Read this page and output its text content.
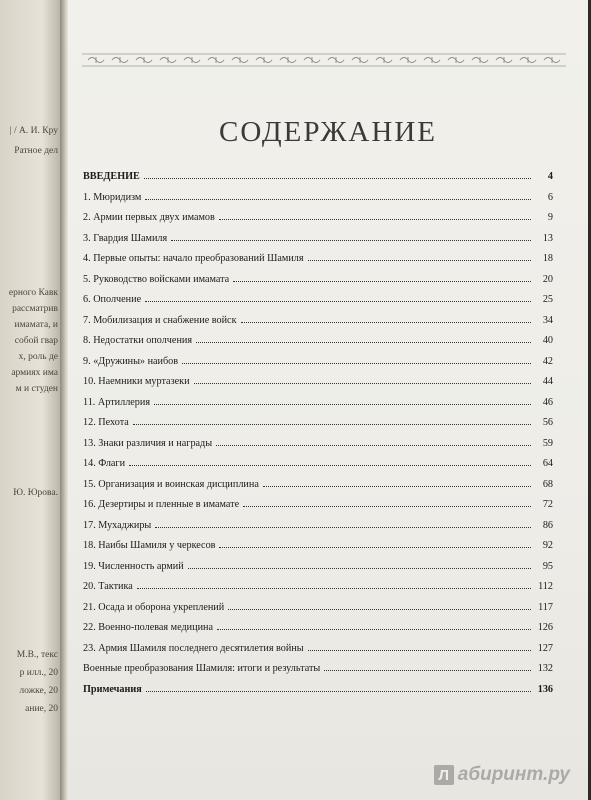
| / А. И. Кру
Ратное дел
ерного Кавк
рассматрив
имамата, и
собой гвар
х, роль де
армиях има
м и студен
Ю. Юрова.
М.В., текс
р илл., 20
ложке, 20
ание, 20
СОДЕРЖАНИЕ
ВВЕДЕНИЕ	4
1. Мюридизм	6
2. Армии первых двух имамов	9
3. Гвардия Шамиля	13
4. Первые опыты: начало преобразований Шамиля	18
5. Руководство войсками имамата	20
6. Ополчение	25
7. Мобилизация и снабжение войск	34
8. Недостатки ополчения	40
9. «Дружины» наибов	42
10. Наемники муртазеки	44
11. Артиллерия	46
12. Пехота	56
13. Знаки различия и награды	59
14. Флаги	64
15. Организация и воинская дисциплина	68
16. Дезертиры и пленные в имамате	72
17. Мухаджиры	86
18. Наибы Шамиля у черкесов	92
19. Численность армий	95
20. Тактика	112
21. Осада и оборона укреплений	117
22. Военно-полевая медицина	126
23. Армия Шамиля последнего десятилетия войны	127
Военные преобразования Шамиля: итоги и результаты	132
Примечания	136
Л абиринт.ру
